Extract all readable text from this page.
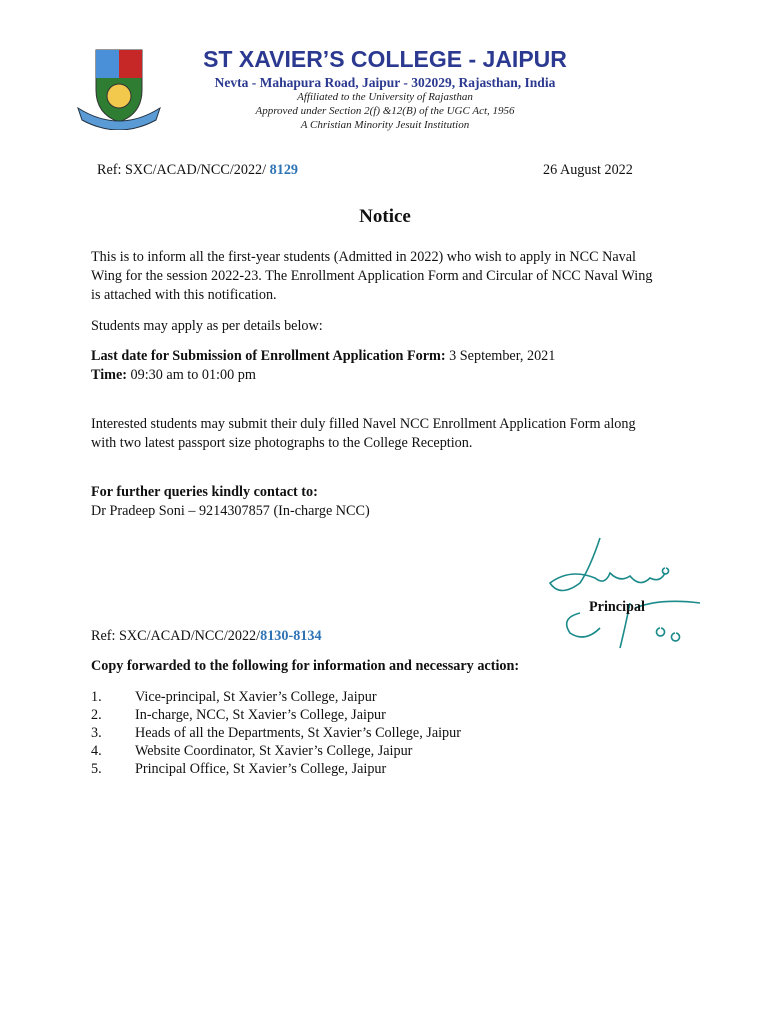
ST XAVIER’S COLLEGE - JAIPUR
Nevta - Mahapura Road, Jaipur - 302029, Rajasthan, India
Affiliated to the University of Rajasthan
Approved under Section 2(f) &12(B) of the UGC Act, 1956
A Christian Minority Jesuit Institution
Ref: SXC/ACAD/NCC/2022/ 8129	26 August 2022
Notice
This is to inform all the first-year students (Admitted in 2022) who wish to apply in NCC Naval
Wing for the session 2022-23. The Enrollment Application Form and Circular of NCC Naval Wing
is attached with this notification.
Students may apply as per details below:
Last date for Submission of Enrollment Application Form: 3 September, 2021
Time: 09:30 am to 01:00 pm
Interested students may submit their duly filled Navel NCC Enrollment Application Form along
with two latest passport size photographs to the College Reception.
For further queries kindly contact to:
Dr Pradeep Soni – 9214307857 (In-charge NCC)
Principal
Ref: SXC/ACAD/NCC/2022/8130-8134
Copy forwarded to the following for information and necessary action:
1. Vice-principal, St Xavier’s College, Jaipur
2. In-charge, NCC, St Xavier’s College, Jaipur
3. Heads of all the Departments, St Xavier’s College, Jaipur
4. Website Coordinator, St Xavier’s College, Jaipur
5. Principal Office, St Xavier’s College, Jaipur
